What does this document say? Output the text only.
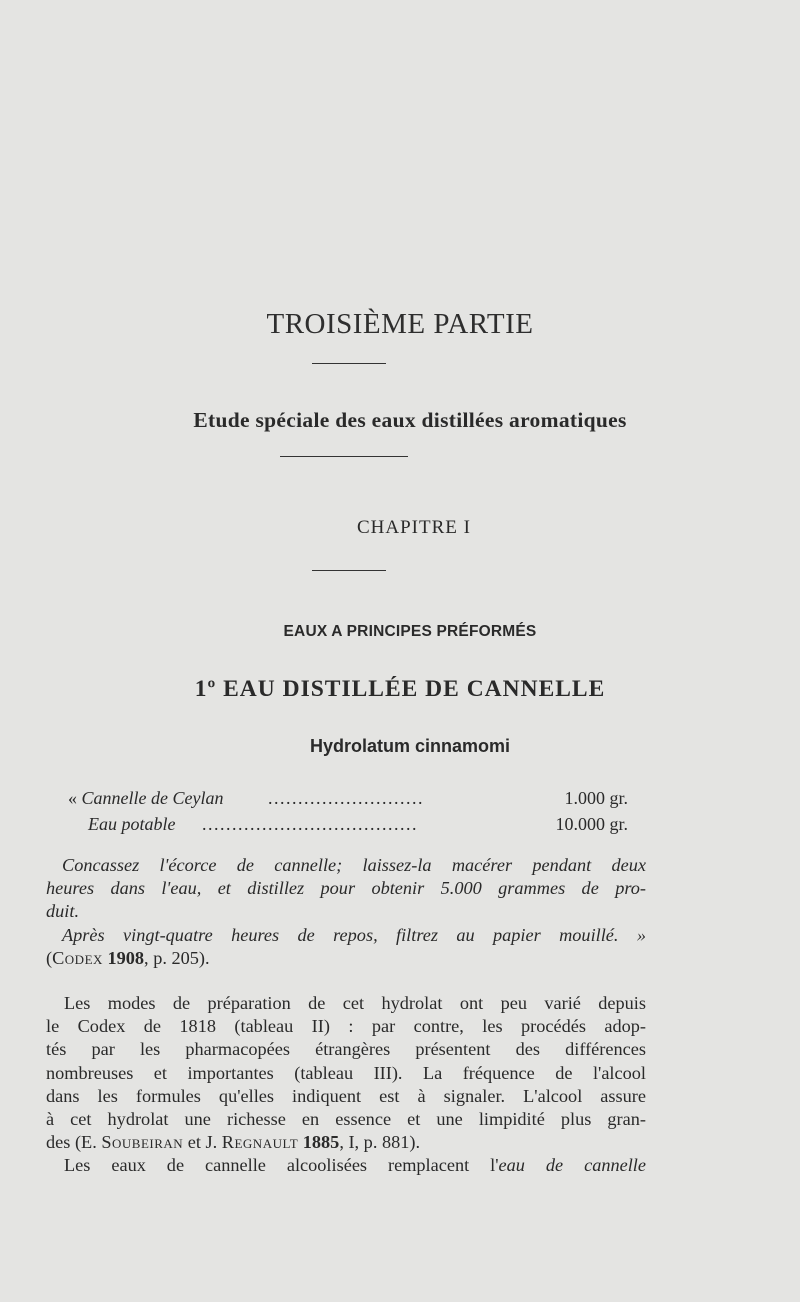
TROISIÈME PARTIE
Etude spéciale des eaux distillées aromatiques
CHAPITRE I
EAUX A PRINCIPES PRÉFORMÉS
1º EAU DISTILLÉE DE CANNELLE
Hydrolatum cinnamomi
« Cannelle de Ceylan ..........................	1.000 gr.
Eau potable ....................................	10.000 gr.
Concassez l'écorce de cannelle; laissez-la macérer pendant deux
heures dans l'eau, et distillez pour obtenir 5.000 grammes de pro-
duit.
Après vingt-quatre heures de repos, filtrez au papier mouillé. »
(Codex 1908, p. 205).
Les modes de préparation de cet hydrolat ont peu varié depuis
le Codex de 1818 (tableau II) : par contre, les procédés adop-
tés par les pharmacopées étrangères présentent des différences
nombreuses et importantes (tableau III). La fréquence de l'alcool
dans les formules qu'elles indiquent est à signaler. L'alcool assure
à cet hydrolat une richesse en essence et une limpidité plus gran-
des (E. Soubeiran et J. Regnault 1885, I, p. 881).
Les eaux de cannelle alcoolisées remplacent l'eau de cannelle
